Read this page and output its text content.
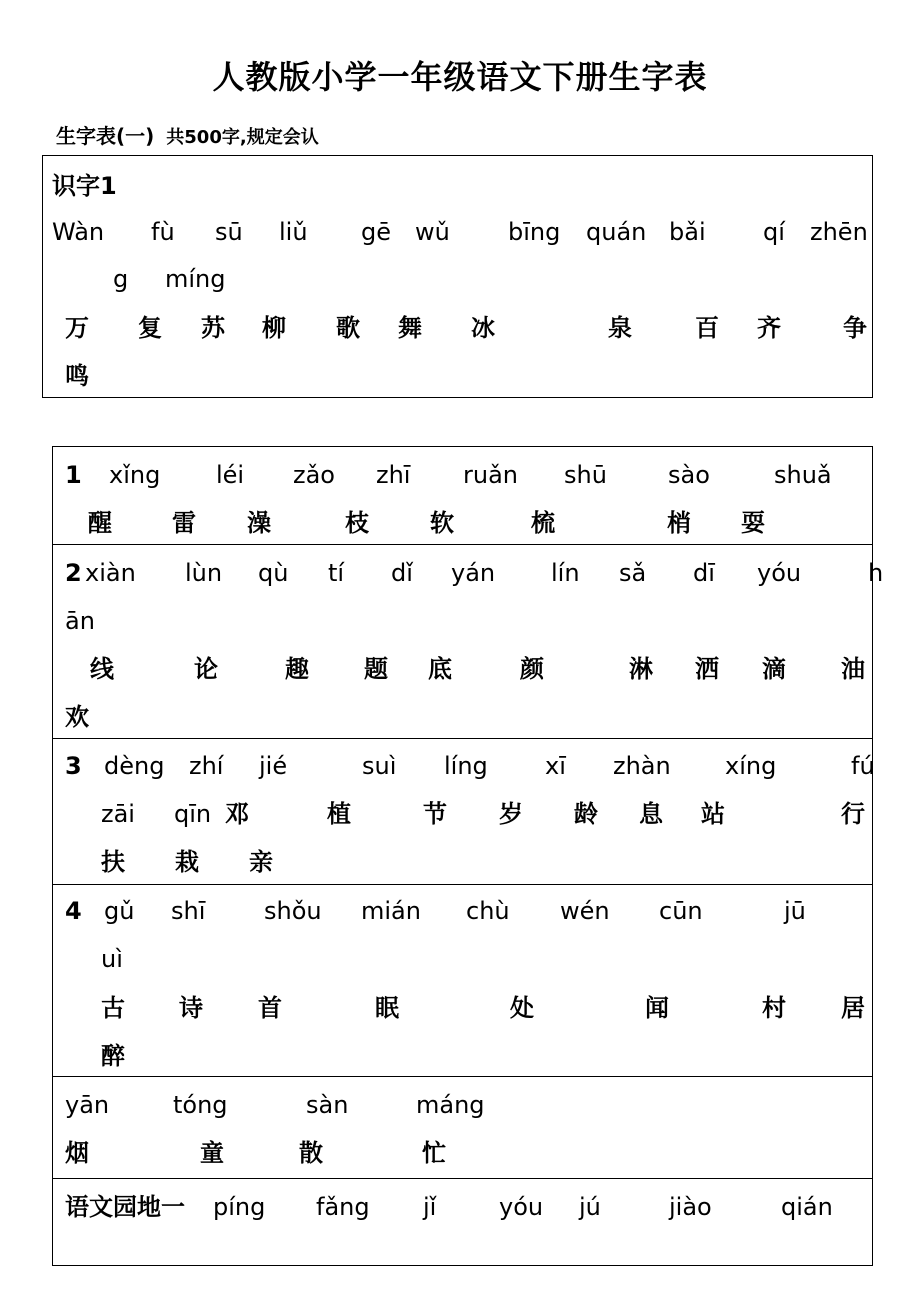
人教版小学一年级语文下册生字表
生字表(一) 共500字,规定会认
识字1
Wàn fù sū liǔ gē wǔ bīng quán bǎi qí zhēn
g míng
万 复 苏 柳 歌 舞 冰	泉	百 齐	争
鸣
1 xǐng léi zǎo zhī ruǎn shū	sào	shuǎ
醒	雷 澡	枝	软	梳	梢 耍
2 xiàn lùn qù tí dǐ yán lín sǎ dī yóu	h
ān
线	论	趣 题 底	颜	淋 洒 滴 油
欢
3 dèng zhí jié	suì líng xī zhàn xíng	fú
zāi qīn 邓	植	节 岁 龄 息 站	行
扶 栽 亲
4 gǔ shī shǒu mián chù wén cūn	jū
uì
古 诗 首	眠	处	闻	村 居
醉
yān	tóng	sàn	máng
烟	童	散	忙
语文园地一 píng fǎng jǐ	yóu jú	jiào	qián
